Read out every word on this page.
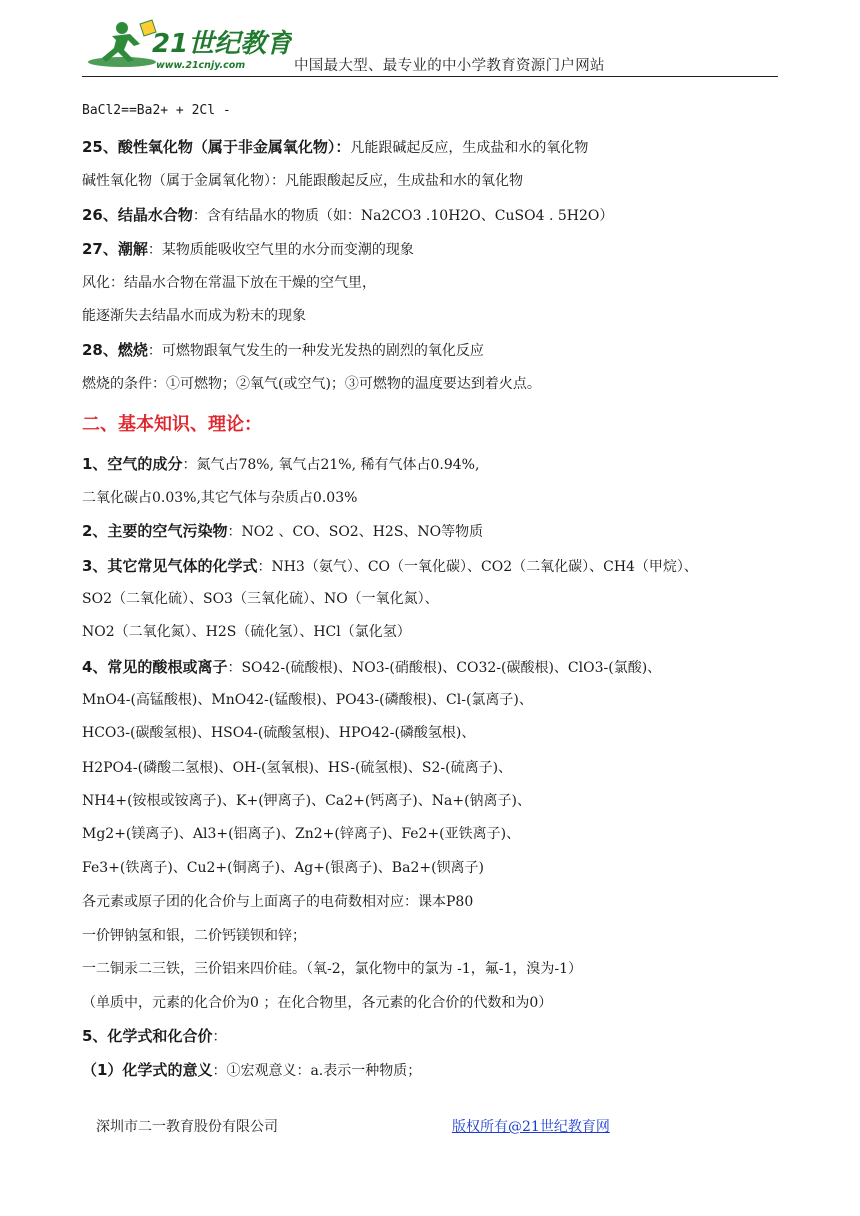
21世纪教育
www.21cnjy.com	中国最大型、最专业的中小学教育资源门户网站
BaCl2==Ba2+ + 2Cl -
25、酸性氧化物（属于非金属氧化物）：凡能跟碱起反应，生成盐和水的氧化物
碱性氧化物（属于金属氧化物）：凡能跟酸起反应，生成盐和水的氧化物
26、结晶水合物：含有结晶水的物质（如：Na2CO3 .10H2O、CuSO4 . 5H2O）
27、潮解：某物质能吸收空气里的水分而变潮的现象
风化：结晶水合物在常温下放在干燥的空气里，
能逐渐失去结晶水而成为粉末的现象
28、燃烧：可燃物跟氧气发生的一种发光发热的剧烈的氧化反应
燃烧的条件：①可燃物；②氧气(或空气)；③可燃物的温度要达到着火点。
二、基本知识、理论：
1、空气的成分：氮气占78%, 氧气占21%, 稀有气体占0.94%,
二氧化碳占0.03%,其它气体与杂质占0.03%
2、主要的空气污染物：NO2 、CO、SO2、H2S、NO等物质
3、其它常见气体的化学式：NH3（氨气）、CO（一氧化碳）、CO2（二氧化碳）、CH4（甲烷）、
SO2（二氧化硫）、SO3（三氧化硫）、NO（一氧化氮）、
NO2（二氧化氮）、H2S（硫化氢）、HCl（氯化氢）
4、常见的酸根或离子：SO42-(硫酸根)、NO3-(硝酸根)、CO32-(碳酸根)、ClO3-(氯酸)、
MnO4-(高锰酸根)、MnO42-(锰酸根)、PO43-(磷酸根)、Cl-(氯离子)、
HCO3-(碳酸氢根)、HSO4-(硫酸氢根)、HPO42-(磷酸氢根)、
H2PO4-(磷酸二氢根)、OH-(氢氧根)、HS-(硫氢根)、S2-(硫离子)、
NH4+(铵根或铵离子)、K+(钾离子)、Ca2+(钙离子)、Na+(钠离子)、
Mg2+(镁离子)、Al3+(铝离子)、Zn2+(锌离子)、Fe2+(亚铁离子)、
Fe3+(铁离子)、Cu2+(铜离子)、Ag+(银离子)、Ba2+(钡离子)
各元素或原子团的化合价与上面离子的电荷数相对应：课本P80
一价钾钠氢和银，二价钙镁钡和锌；
一二铜汞二三铁，三价铝来四价硅。（氧-2，氯化物中的氯为 -1，氟-1，溴为-1）
（单质中，元素的化合价为0 ；在化合物里，各元素的化合价的代数和为0）
5、化学式和化合价：
（1）化学式的意义：①宏观意义：a.表示一种物质；
深圳市二一教育股份有限公司	版权所有@21世纪教育网
